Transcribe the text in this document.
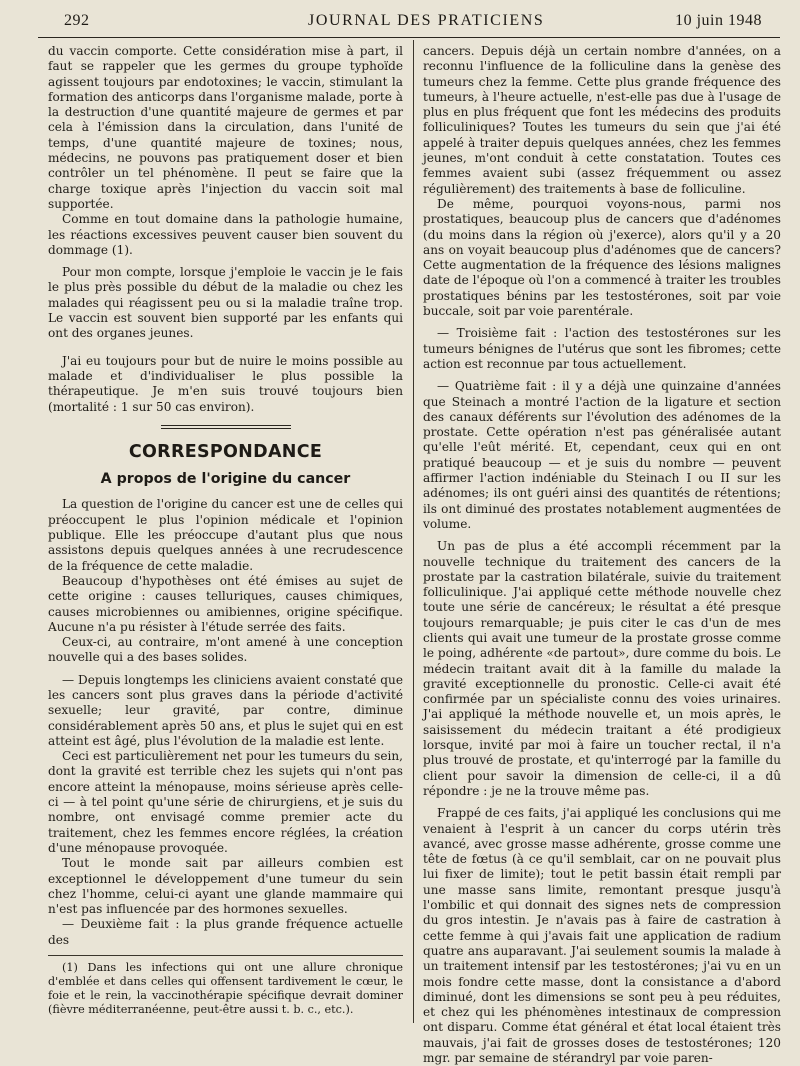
292	JOURNAL DES PRATICIENS	10 juin 1948

du vaccin comporte. Cette considération mise à part, il faut se rappeler que les germes du groupe typhoïde agissent toujours par endotoxines; le vaccin, stimulant la formation des anticorps dans l'organisme malade, porte à la destruction d'une quantité majeure de germes et par cela à l'émission dans la circulation, dans l'unité de temps, d'une quantité majeure de toxines; nous, médecins, ne pouvons pas pratiquement doser et bien contrôler un tel phénomène. Il peut se faire que la charge toxique après l'injection du vaccin soit mal supportée.

Comme en tout domaine dans la pathologie humaine, les réactions excessives peuvent causer bien souvent du dommage (1).

Pour mon compte, lorsque j'emploie le vaccin je le fais le plus près possible du début de la maladie ou chez les malades qui réagissent peu ou si la maladie traîne trop. Le vaccin est souvent bien supporté par les enfants qui ont des organes jeunes.

J'ai eu toujours pour but de nuire le moins possible au malade et d'individualiser le plus possible la thérapeutique. Je m'en suis trouvé toujours bien (mortalité : 1 sur 50 cas environ).

CORRESPONDANCE
A propos de l'origine du cancer

La question de l'origine du cancer est une de celles qui préoccupent le plus l'opinion médicale et l'opinion publique. Elle les préoccupe d'autant plus que nous assistons depuis quelques années à une recrudescence de la fréquence de cette maladie.

Beaucoup d'hypothèses ont été émises au sujet de cette origine : causes telluriques, causes chimiques, causes microbiennes ou amibiennes, origine spécifique. Aucune n'a pu résister à l'étude serrée des faits.

Ceux-ci, au contraire, m'ont amené à une conception nouvelle qui a des bases solides.

— Depuis longtemps les cliniciens avaient constaté que les cancers sont plus graves dans la période d'activité sexuelle; leur gravité, par contre, diminue considérablement après 50 ans, et plus le sujet qui en est atteint est âgé, plus l'évolution de la maladie est lente.

Ceci est particulièrement net pour les tumeurs du sein, dont la gravité est terrible chez les sujets qui n'ont pas encore atteint la ménopause, moins sérieuse après celle-ci — à tel point qu'une série de chirurgiens, et je suis du nombre, ont envisagé comme premier acte du traitement, chez les femmes encore réglées, la création d'une ménopause provoquée.

Tout le monde sait par ailleurs combien est exceptionnel le développement d'une tumeur du sein chez l'homme, celui-ci ayant une glande mammaire qui n'est pas influencée par des hormones sexuelles.

— Deuxième fait : la plus grande fréquence actuelle des

(1) Dans les infections qui ont une allure chronique d'emblée et dans celles qui offensent tardivement le cœur, le foie et le rein, la vaccinothérapie spécifique devrait dominer (fièvre méditerranéenne, peut-être aussi t. b. c., etc.).

cancers. Depuis déjà un certain nombre d'années, on a reconnu l'influence de la folliculine dans la genèse des tumeurs chez la femme. Cette plus grande fréquence des tumeurs, à l'heure actuelle, n'est-elle pas due à l'usage de plus en plus fréquent que font les médecins des produits folliculiniques? Toutes les tumeurs du sein que j'ai été appelé à traiter depuis quelques années, chez les femmes jeunes, m'ont conduit à cette constatation. Toutes ces femmes avaient subi (assez fréquemment ou assez régulièrement) des traitements à base de folliculine.

De même, pourquoi voyons-nous, parmi nos prostatiques, beaucoup plus de cancers que d'adénomes (du moins dans la région où j'exerce), alors qu'il y a 20 ans on voyait beaucoup plus d'adénomes que de cancers? Cette augmentation de la fréquence des lésions malignes date de l'époque où l'on a commencé à traiter les troubles prostatiques bénins par les testostérones, soit par voie buccale, soit par voie parentérale.

— Troisième fait : l'action des testostérones sur les tumeurs bénignes de l'utérus que sont les fibromes; cette action est reconnue par tous actuellement.

— Quatrième fait : il y a déjà une quinzaine d'années que Steinach a montré l'action de la ligature et section des canaux déférents sur l'évolution des adénomes de la prostate. Cette opération n'est pas généralisée autant qu'elle l'eût mérité. Et, cependant, ceux qui en ont pratiqué beaucoup — et je suis du nombre — peuvent affirmer l'action indéniable du Steinach I ou II sur les adénomes; ils ont guéri ainsi des quantités de rétentions; ils ont diminué des prostates notablement augmentées de volume.

Un pas de plus a été accompli récemment par la nouvelle technique du traitement des cancers de la prostate par la castration bilatérale, suivie du traitement folliculinique. J'ai appliqué cette méthode nouvelle chez toute une série de cancéreux; le résultat a été presque toujours remarquable; je puis citer le cas d'un de mes clients qui avait une tumeur de la prostate grosse comme le poing, adhérente «de partout», dure comme du bois. Le médecin traitant avait dit à la famille du malade la gravité exceptionnelle du pronostic. Celle-ci avait été confirmée par un spécialiste connu des voies urinaires. J'ai appliqué la méthode nouvelle et, un mois après, le saisissement du médecin traitant a été prodigieux lorsque, invité par moi à faire un toucher rectal, il n'a plus trouvé de prostate, et qu'interrogé par la famille du client pour savoir la dimension de celle-ci, il a dû répondre : je ne la trouve même pas.

Frappé de ces faits, j'ai appliqué les conclusions qui me venaient à l'esprit à un cancer du corps utérin très avancé, avec grosse masse adhérente, grosse comme une tête de fœtus (à ce qu'il semblait, car on ne pouvait plus lui fixer de limite); tout le petit bassin était rempli par une masse sans limite, remontant presque jusqu'à l'ombilic et qui donnait des signes nets de compression du gros intestin. Je n'avais pas à faire de castration à cette femme à qui j'avais fait une application de radium quatre ans auparavant. J'ai seulement soumis la malade à un traitement intensif par les testostérones; j'ai vu en un mois fondre cette masse, dont la consistance a d'abord diminué, dont les dimensions se sont peu à peu réduites, et chez qui les phénomènes intestinaux de compression ont disparu. Comme état général et état local étaient très mauvais, j'ai fait de grosses doses de testostérones; 120 mgr. par semaine de stérandryl par voie paren-
